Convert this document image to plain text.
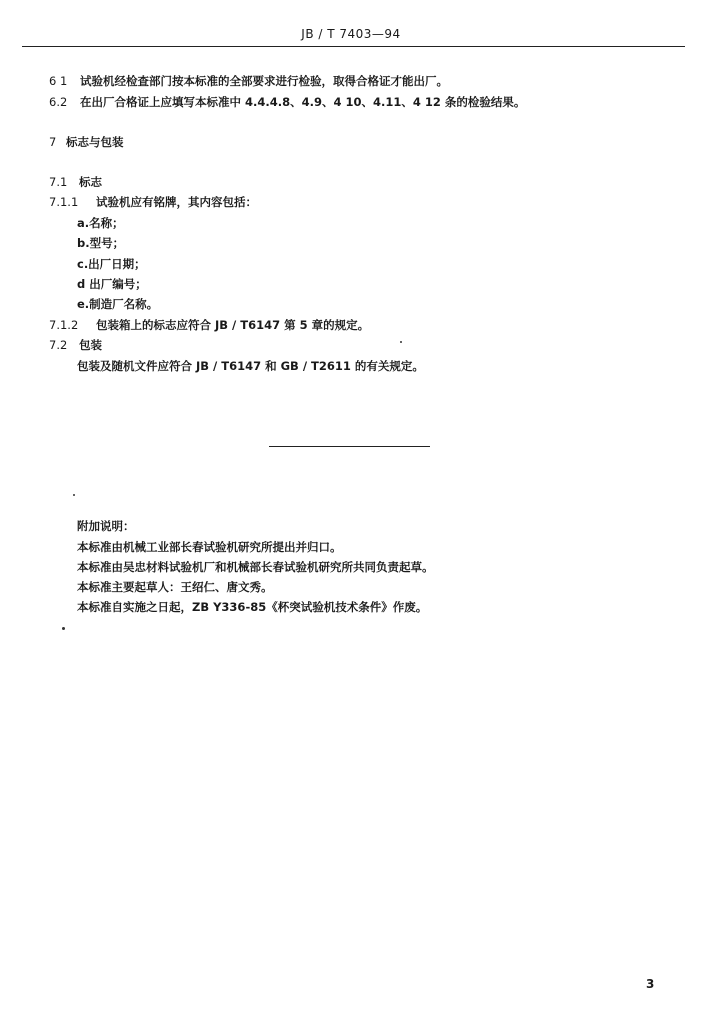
JB / T 7403—94
6 1 试验机经检查部门按本标准的全部要求进行检验，取得合格证才能出厂。
6.2 在出厂合格证上应填写本标准中 4.4.4.8、4.9、4 10、4.11、4 12 条的检验结果。
7 标志与包装
7.1 标志
7.1.1 试验机应有铭牌，其内容包括：
a.名称；
b.型号；
c.出厂日期；
d 出厂编号；
e.制造厂名称。
7.1.2 包装箱上的标志应符合 JB / T6147 第 5 章的规定。
7.2 包装
包装及随机文件应符合 JB / T6147 和 GB / T2611 的有关规定。
附加说明：
本标准由机械工业部长春试验机研究所提出并归口。
本标准由吴忠材料试验机厂和机械部长春试验机研究所共同负责起草。
本标准主要起草人：王绍仁、唐文秀。
本标准自实施之日起，ZB Y336-85《杯突试验机技术条件》作废。
3
